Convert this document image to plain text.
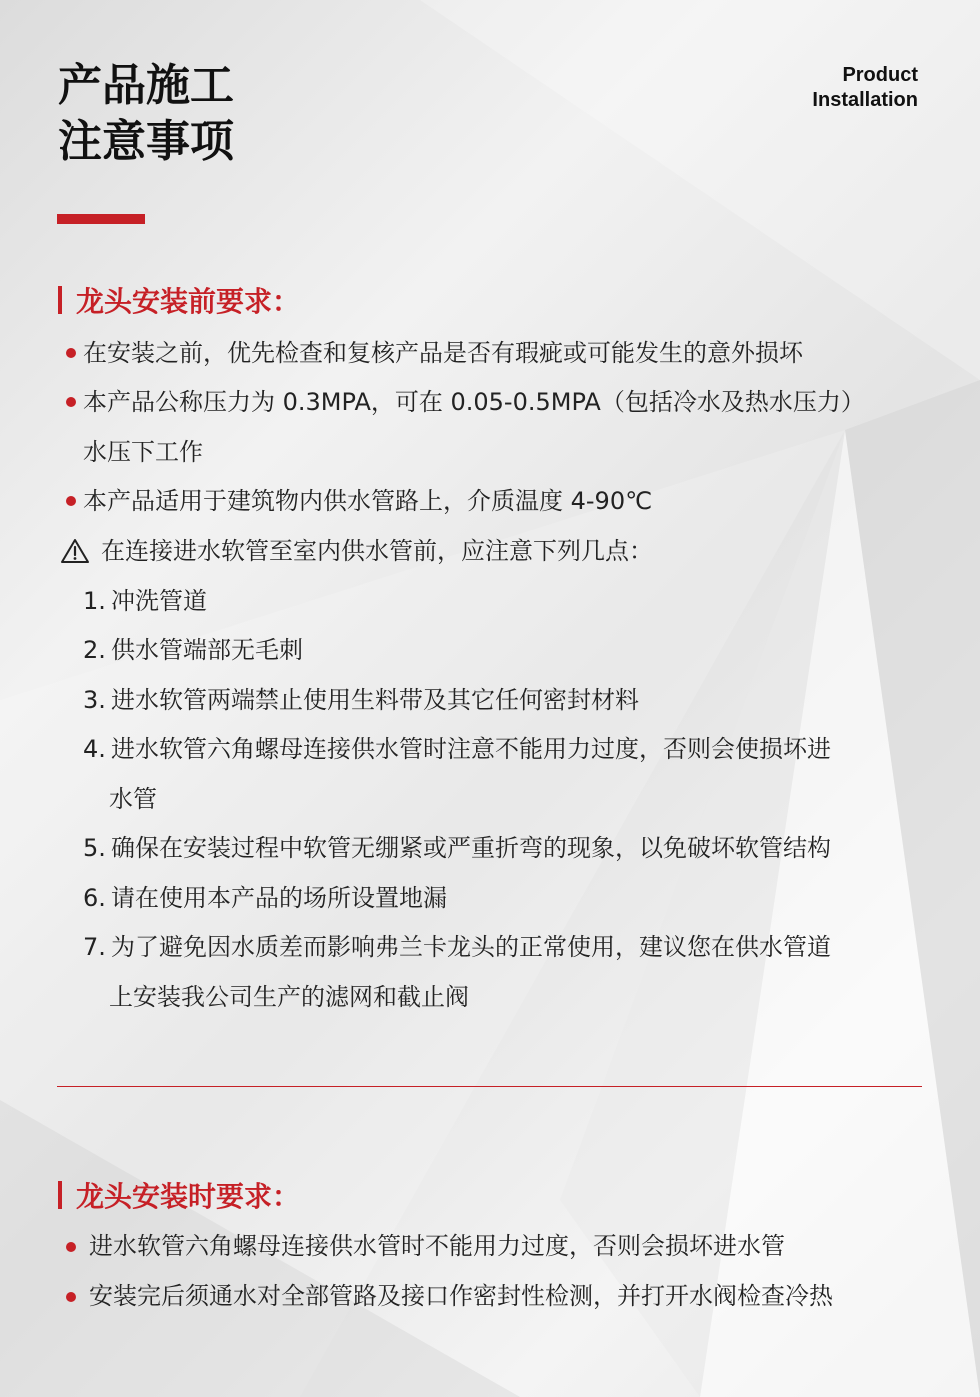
产品施工
注意事项
Product
Installation
龙头安装前要求：
在安装之前，优先检查和复核产品是否有瑕疵或可能发生的意外损坏
本产品公称压力为 0.3MPA，可在 0.05-0.5MPA（包括冷水及热水压力）
水压下工作
本产品适用于建筑物内供水管路上，介质温度 4-90℃
在连接进水软管至室内供水管前，应注意下列几点：
1. 冲洗管道
2. 供水管端部无毛刺
3. 进水软管两端禁止使用生料带及其它任何密封材料
4. 进水软管六角螺母连接供水管时注意不能用力过度，否则会使损坏进
水管
5. 确保在安装过程中软管无绷紧或严重折弯的现象，以免破坏软管结构
6. 请在使用本产品的场所设置地漏
7. 为了避免因水质差而影响弗兰卡龙头的正常使用，建议您在供水管道
上安装我公司生产的滤网和截止阀
龙头安装时要求：
进水软管六角螺母连接供水管时不能用力过度，否则会损坏进水管
安装完后须通水对全部管路及接口作密封性检测，并打开水阀检查冷热
